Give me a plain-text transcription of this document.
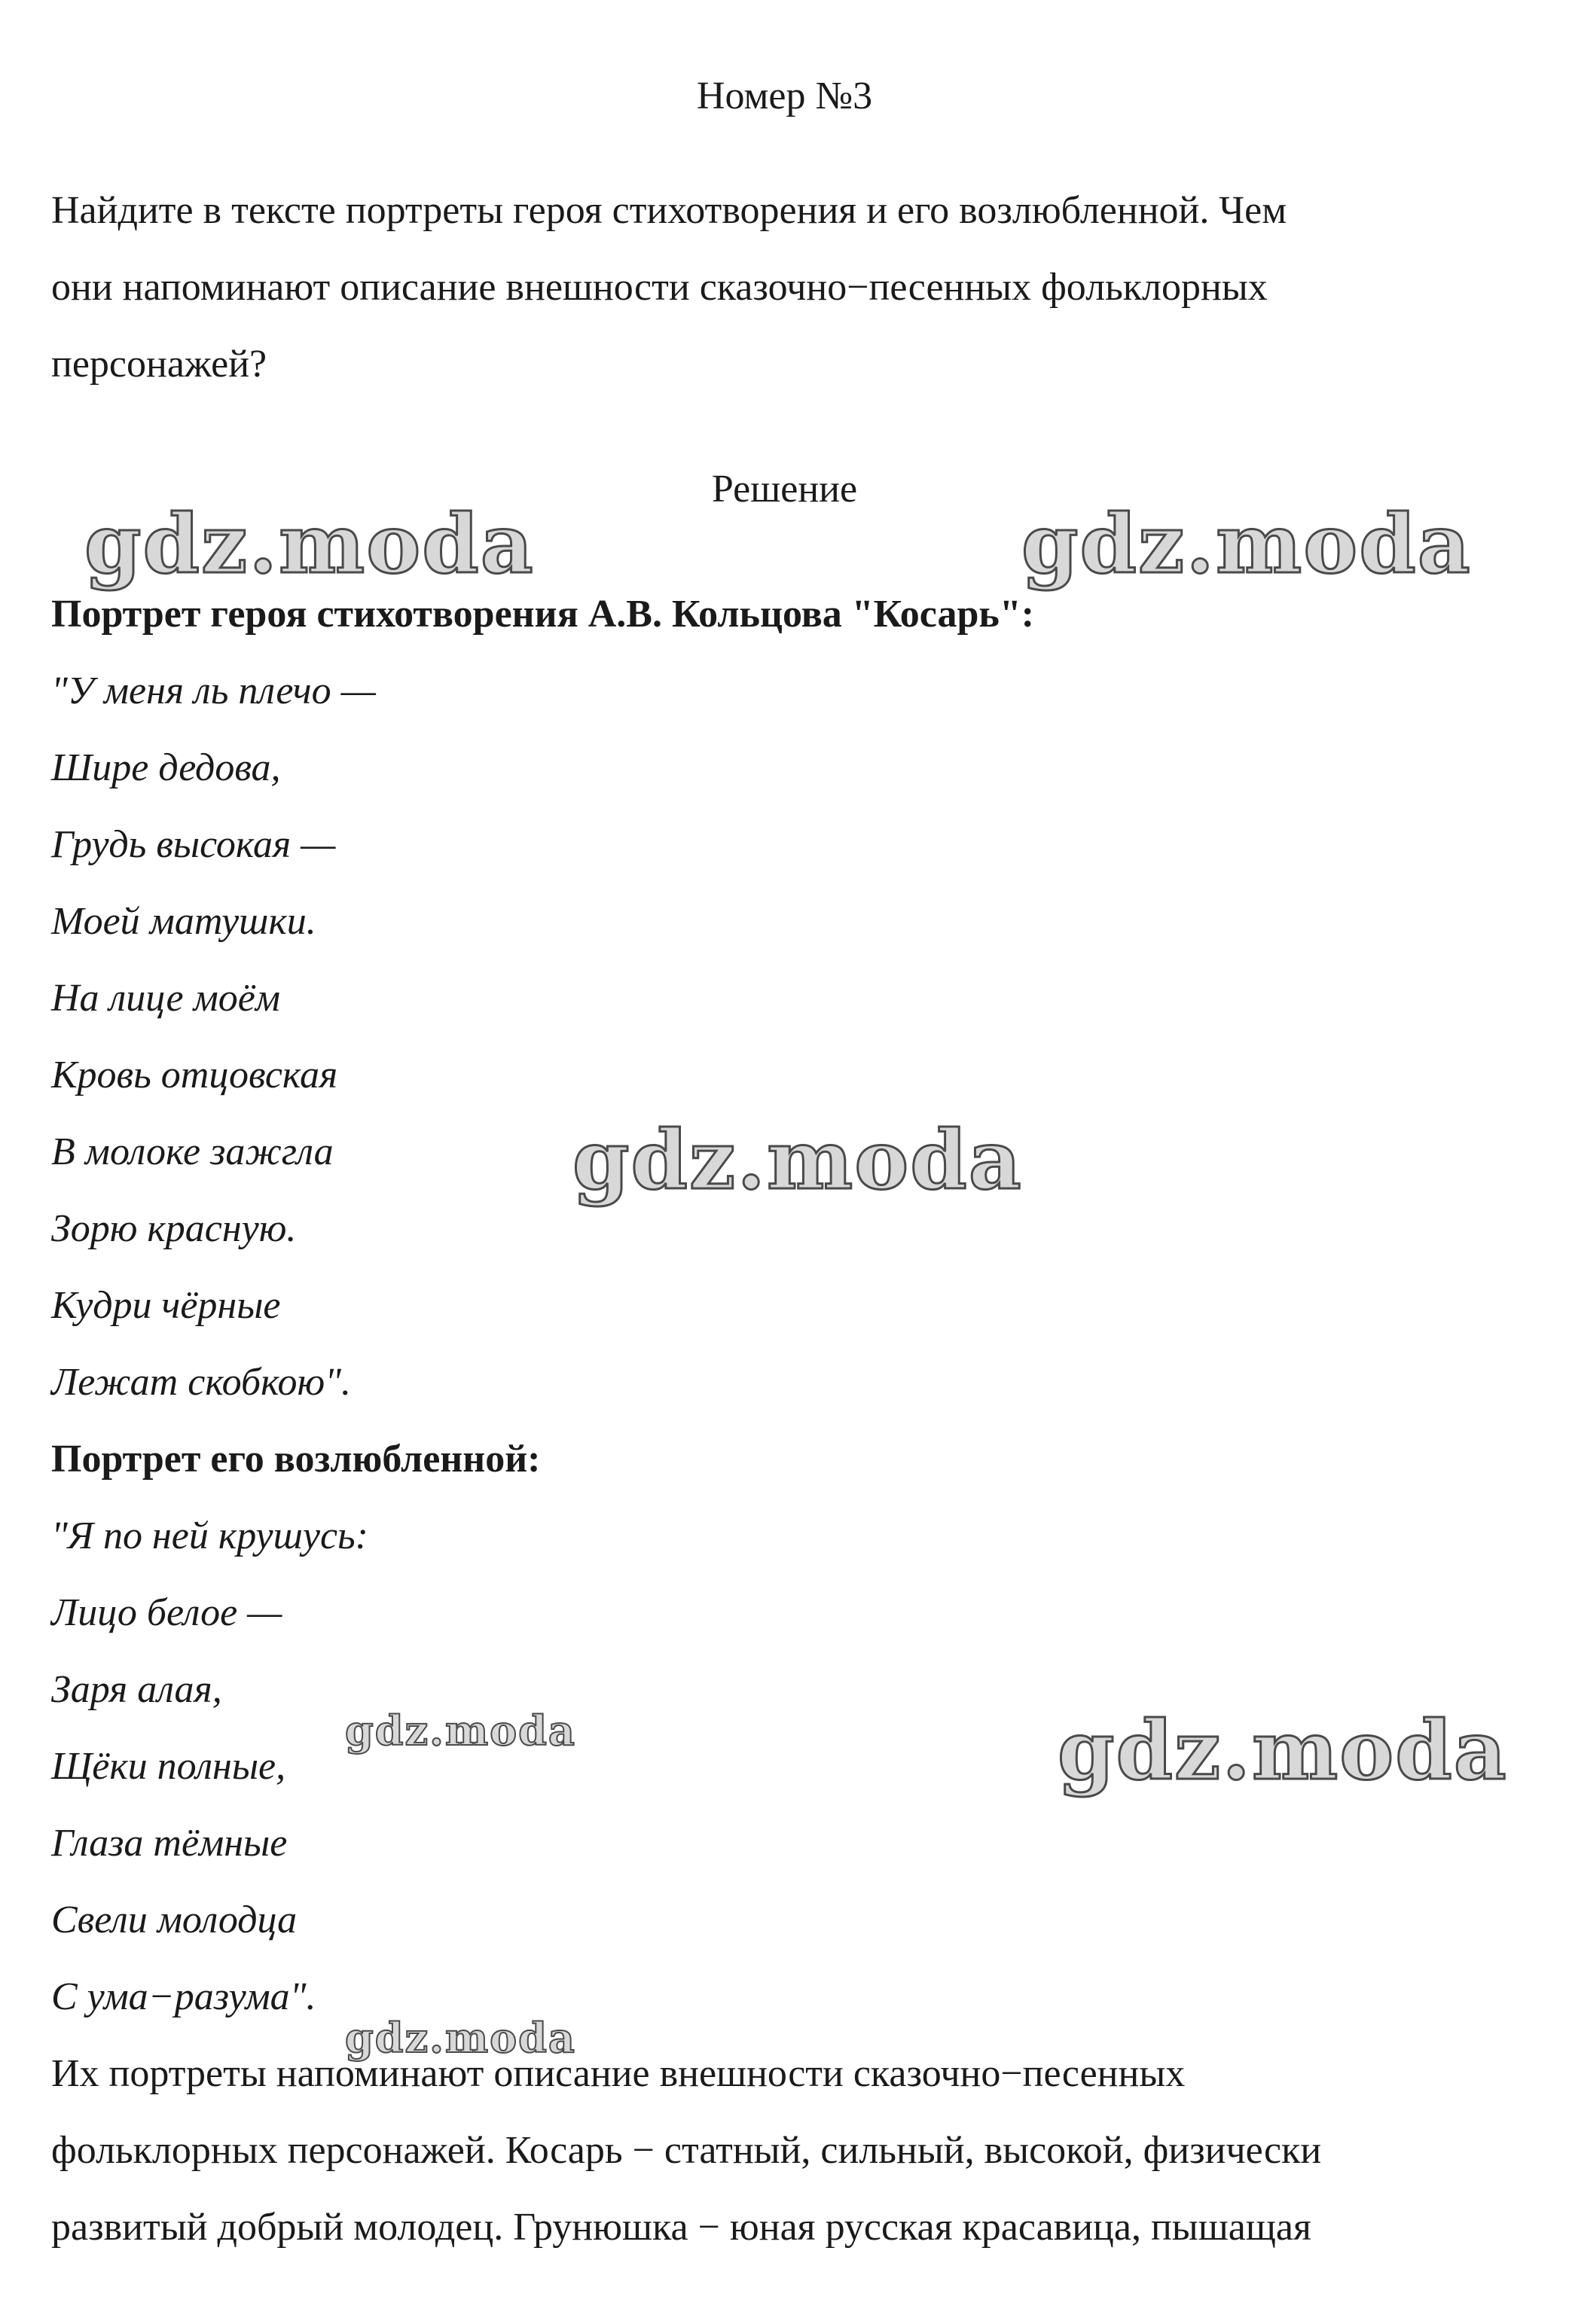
Номер №3
Найдите в тексте портреты героя стихотворения и его возлюбленной. Чем
они напоминают описание внешности сказочно−песенных фольклорных
персонажей?
Решение
Портрет героя стихотворения А.В. Кольцова "Косарь":
"У меня ль плечо —
Шире дедова,
Грудь высокая —
Моей матушки.
На лице моём
Кровь отцовская
В молоке зажгла
Зорю красную.
Кудри чёрные
Лежат скобкою".
Портрет его возлюбленной:
"Я по ней крушусь:
Лицо белое —
Заря алая,
Щёки полные,
Глаза тёмные
Свели молодца
С ума−разума".
Их портреты напоминают описание внешности сказочно−песенных
фольклорных персонажей. Косарь − статный, сильный, высокой, физически
развитый добрый молодец. Грунюшка − юная русская красавица, пышащая
gdz.moda	gdz.moda
gdz.moda
gdz.moda	gdz.moda
gdz.moda
